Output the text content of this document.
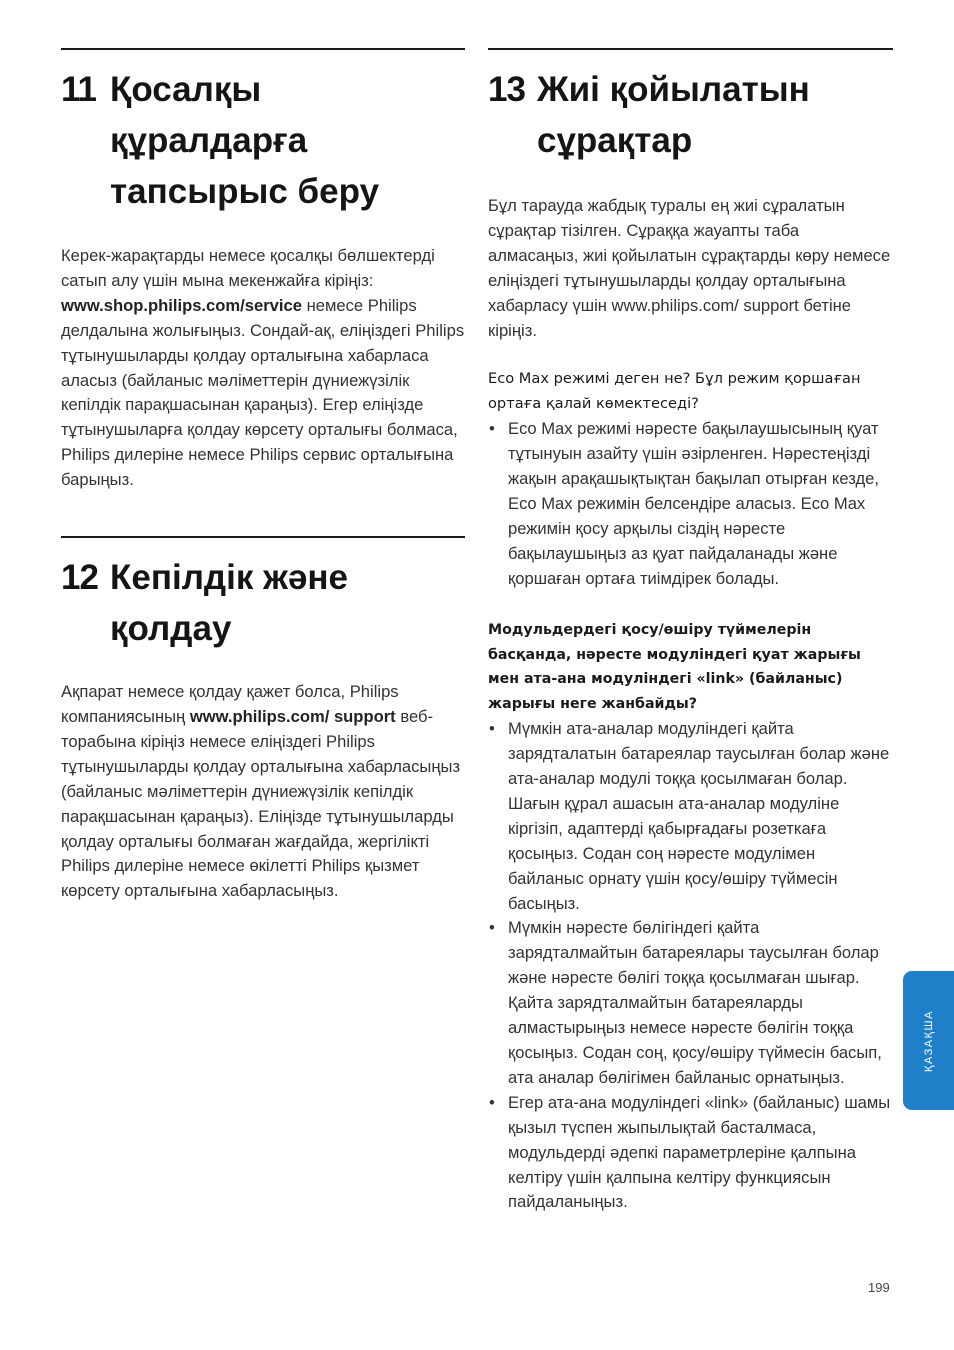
11 Қосалқы құралдарға тапсырыс беру

Керек-жарақтарды немесе қосалқы бөлшектерді сатып алу үшін мына мекенжайға кіріңіз: www.shop.philips.com/service немесе Philips делдалына жолығыңыз. Сондай-ақ, еліңіздегі Philips тұтынушыларды қолдау орталығына хабарласа аласыз (байланыс мәліметтерін дүниежүзілік кепілдік парақшасынан қараңыз). Егер еліңізде тұтынушыларға қолдау көрсету орталығы болмаса, Philips дилеріне немесе Philips сервис орталығына барыңыз.

12 Кепілдік және қолдау

Ақпарат немесе қолдау қажет болса, Philips компаниясының www.philips.com/ support веб-торабына кіріңіз немесе еліңіздегі Philips тұтынушыларды қолдау орталығына хабарласыңыз (байланыс мәліметтерін дүниежүзілік кепілдік парақшасынан қараңыз). Еліңізде тұтынушыларды қолдау орталығы болмаған жағдайда, жергілікті Philips дилеріне немесе өкілетті Philips қызмет көрсету орталығына хабарласыңыз.

13 Жиі қойылатын сұрақтар

Бұл тарауда жабдық туралы ең жиі сұралатын сұрақтар тізілген. Сұраққа жауапты таба алмасаңыз, жиі қойылатын сұрақтарды көру немесе еліңіздегі тұтынушыларды қолдау орталығына хабарласу үшін www.philips.com/ support бетіне кіріңіз.

Eco Max режимі деген не? Бұл режим қоршаған ортаға қалай көмектеседі?

• Eco Max режимі нәресте бақылаушысының қуат тұтынуын азайту үшін әзірленген. Нәрестеңізді жақын арақашықтықтан бақылап отырған кезде, Eco Max режимін белсендіре аласыз. Eco Max режимін қосу арқылы сіздің нәресте бақылаушыңыз аз қуат пайдаланады және қоршаған ортаға тиімдірек болады.

Модульдердегі қосу/өшіру түймелерін басқанда, нәресте модуліндегі қуат жарығы мен ата-ана модуліндегі «link» (байланыс) жарығы неге жанбайды?

• Мүмкін ата-аналар модуліндегі қайта зарядталатын батареялар таусылған болар және ата-аналар модулі тоққа қосылмаған болар. Шағын құрал ашасын ата-аналар модуліне кіргізіп, адаптерді қабырғадағы розеткаға қосыңыз. Содан соң нәресте модулімен байланыс орнату үшін қосу/өшіру түймесін басыңыз.
• Мүмкін нәресте бөлігіндегі қайта зарядталмайтын батареялары таусылған болар және нәресте бөлігі тоққа қосылмаған шығар. Қайта зарядталмайтын батареяларды алмастырыңыз немесе нәресте бөлігін тоққа қосыңыз. Содан соң, қосу/өшіру түймесін басып, ата аналар бөлігімен байланыс орнатыңыз.
• Егер ата-ана модуліндегі «link» (байланыс) шамы қызыл түспен жыпылықтай басталмаса, модульдерді әдепкі параметрлеріне қалпына келтіру үшін қалпына келтіру функциясын пайдаланыңыз.
ҚАЗАҚША
199
